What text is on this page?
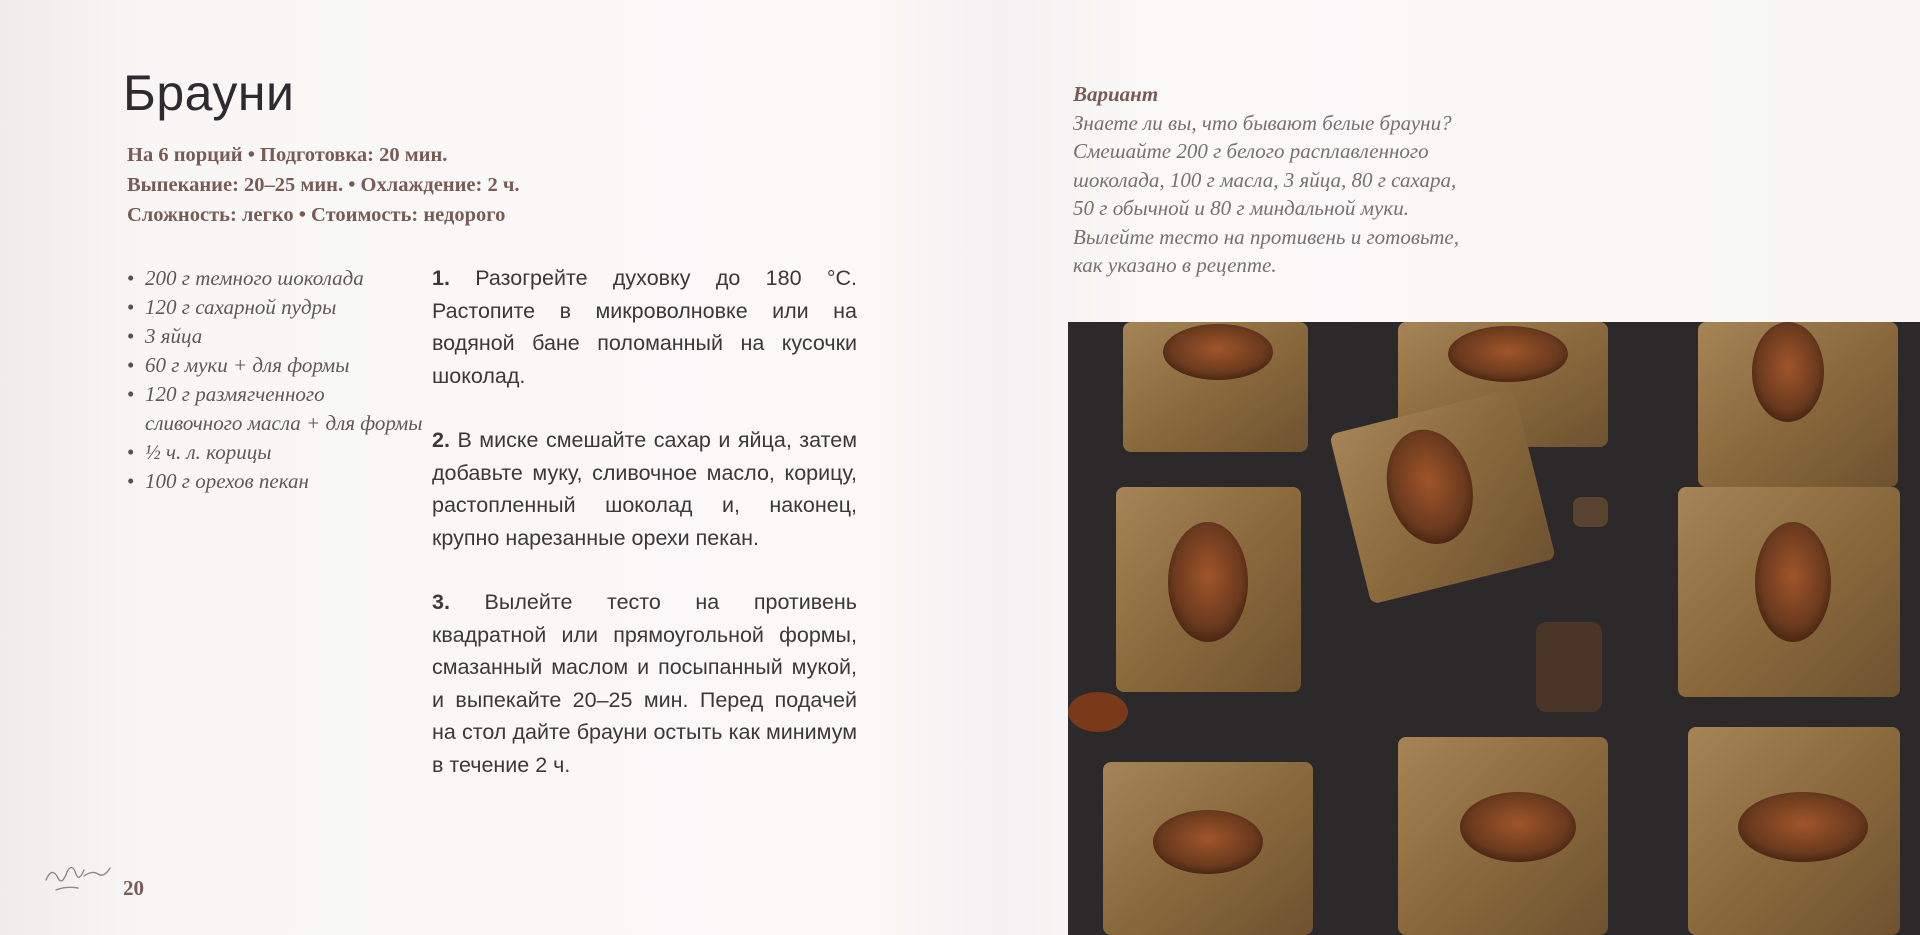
Брауни
На 6 порций • Подготовка: 20 мин.
Выпекание: 20–25 мин. • Охлаждение: 2 ч.
Сложность: легко • Стоимость: недорого
• 200 г темного шоколада
• 120 г сахарной пудры
• 3 яйца
• 60 г муки + для формы
• 120 г размягченного сливочного масла + для формы
• ½ ч. л. корицы
• 100 г орехов пекан

1. Разогрейте духовку до 180 °С. Растопите в микроволновке или на водяной бане поломанный на кусочки шоколад.

2. В миске смешайте сахар и яйца, затем добавьте муку, сливочное масло, корицу, растопленный шоколад и, наконец, крупно нарезанные орехи пекан.

3. Вылейте тесто на противень квадратной или прямоугольной формы, смазанный маслом и посыпанный мукой, и выпекайте 20–25 мин. Перед подачей на стол дайте брауни остыть как минимум в течение 2 ч.

20
Вариант
Знаете ли вы, что бывают белые брауни?
Смешайте 200 г белого расплавленного
шоколада, 100 г масла, 3 яйца, 80 г сахара,
50 г обычной и 80 г миндальной муки.
Вылейте тесто на противень и готовьте,
как указано в рецепте.
